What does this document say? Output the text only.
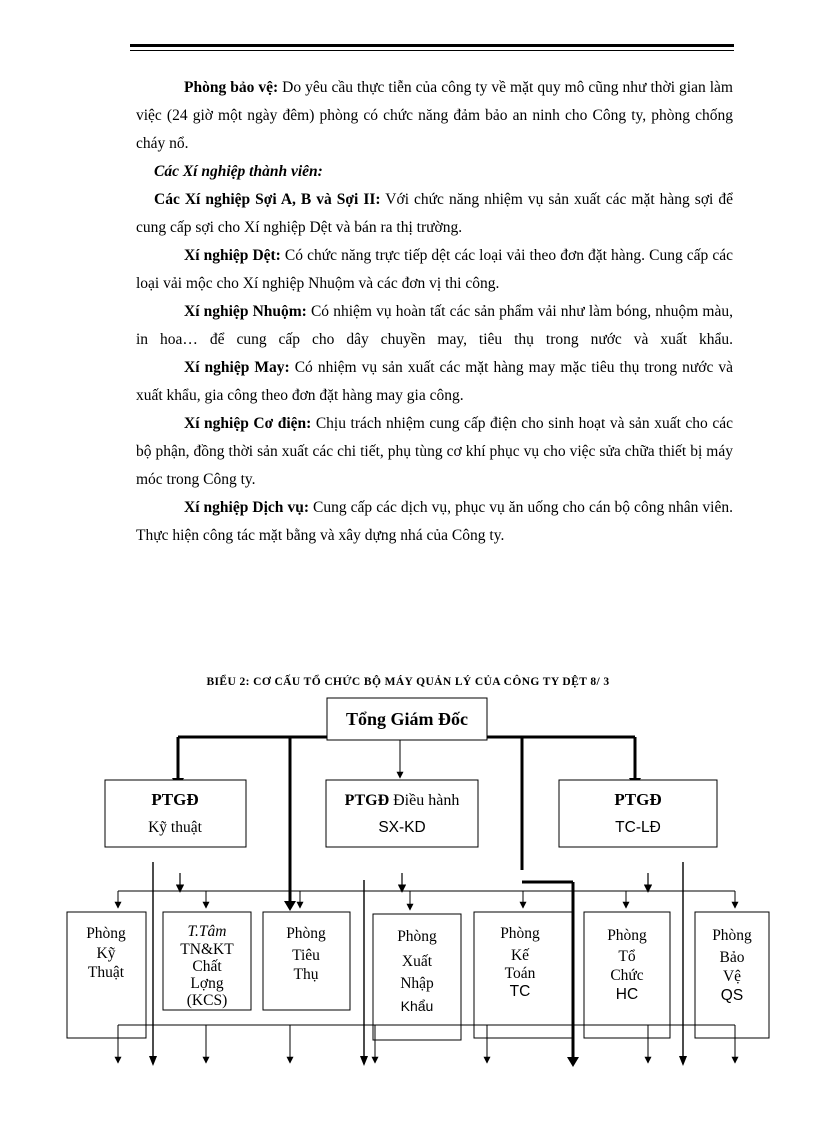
Phòng bảo vệ: Do yêu cầu thực tiễn của công ty về mặt quy mô cũng như thời gian làm việc (24 giờ một ngày đêm) phòng có chức năng đảm bảo an ninh cho Công ty, phòng chống cháy nổ.

Các Xí nghiệp thành viên:

Các Xí nghiệp Sợi A, B và Sợi II: Với chức năng nhiệm vụ sản xuất các mặt hàng sợi để cung cấp sợi cho Xí nghiệp Dệt và bán ra thị trường.

Xí nghiệp Dệt: Có chức năng trực tiếp dệt các loại vải theo đơn đặt hàng. Cung cấp các loại vải mộc cho Xí nghiệp Nhuộm và các đơn vị thi công.

Xí nghiệp Nhuộm: Có nhiệm vụ hoàn tất các sản phẩm vải như làm bóng, nhuộm màu, in hoa… để cung cấp cho dây chuyền may, tiêu thụ trong nước và xuất khẩu.

Xí nghiệp May: Có nhiệm vụ sản xuất các mặt hàng may mặc tiêu thụ trong nước và xuất khẩu, gia công theo đơn đặt hàng may gia công.

Xí nghiệp Cơ điện: Chịu trách nhiệm cung cấp điện cho sinh hoạt và sản xuất cho các bộ phận, đồng thời sản xuất các chi tiết, phụ tùng cơ khí phục vụ cho việc sửa chữa thiết bị máy móc trong Công ty.

Xí nghiệp Dịch vụ: Cung cấp các dịch vụ, phục vụ ăn uống cho cán bộ công nhân viên. Thực hiện công tác mặt bằng và xây dựng nhá của Công ty.

BIỂU 2: CƠ CẤU TỔ CHỨC BỘ MÁY QUẢN LÝ CỦA CÔNG TY DỆT 8/ 3
Tổng Giám Đốc
PTGĐ
Kỹ thuật
PTGĐ Điều hành
SX-KD
PTGĐ
TC-LĐ
Phòng
Kỹ
Thuật
T.Tâm
TN&KT
Chất
Lợng
(KCS)
Phòng
Tiêu
Thụ
Phòng
Xuất
Nhập
Khẩu
Phòng
Kế
Toán
TC
Phòng
Tổ
Chức
HC
Phòng
Bảo
Vệ
QS
